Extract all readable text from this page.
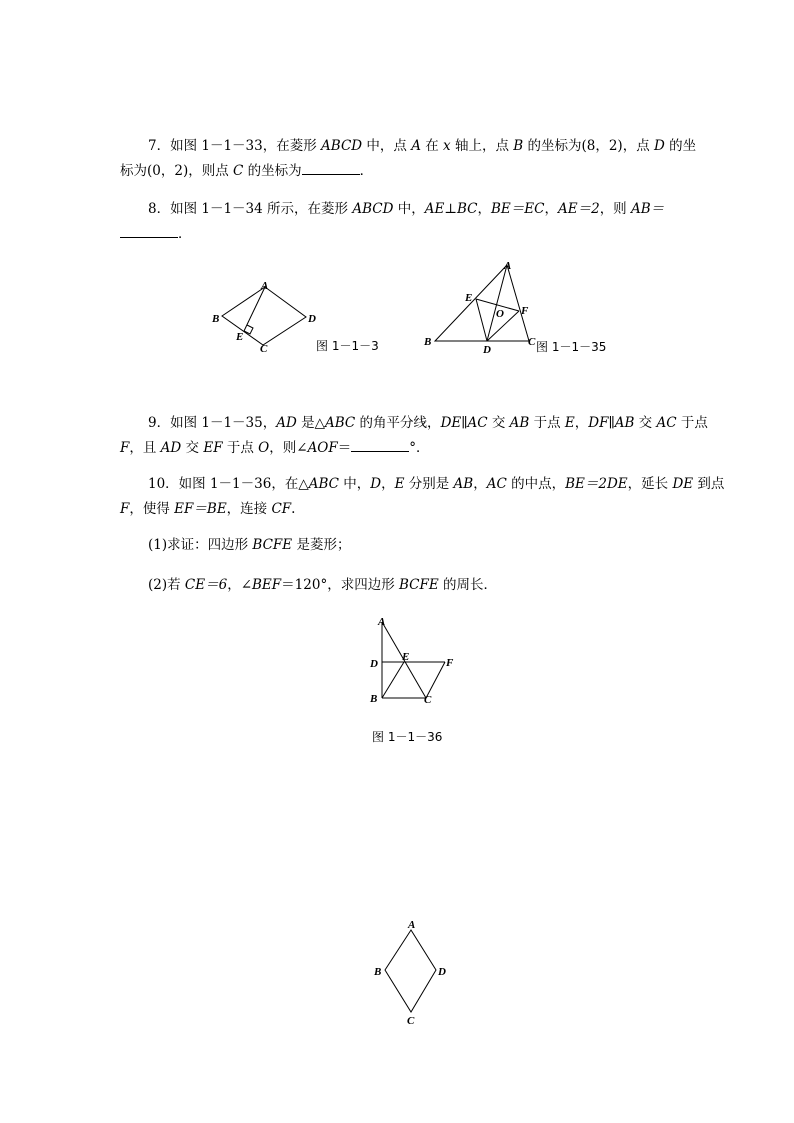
7．如图 1－1－33，在菱形 ABCD 中，点 A 在 x 轴上，点 B 的坐标为(8，2)，点 D 的坐
标为(0，2)，则点 C 的坐标为	．
8．如图 1－1－34 所示，在菱形 ABCD 中，AE⊥BC，BE＝EC，AE＝2，则 AB＝
．
A
B
C
D
E
图 1－1－3
A
B	C
D
E
F
O
图 1－1－35
9．如图 1－1－35，AD 是△ABC 的角平分线，DE∥AC 交 AB 于点 E，DF∥AB 交 AC 于点
F，且 AD 交 EF 于点 O，则∠AOF＝	°．
10．如图 1－1－36，在△ABC 中，D，E 分别是 AB，AC 的中点，BE＝2DE，延长 DE 到点
F，使得 EF＝BE，连接 CF.
(1)求证：四边形 BCFE 是菱形；
(2)若 CE＝6，∠BEF＝120°，求四边形 BCFE 的周长．
A
D
E	F
B	C
图 1－1－36
A
B	D
C
